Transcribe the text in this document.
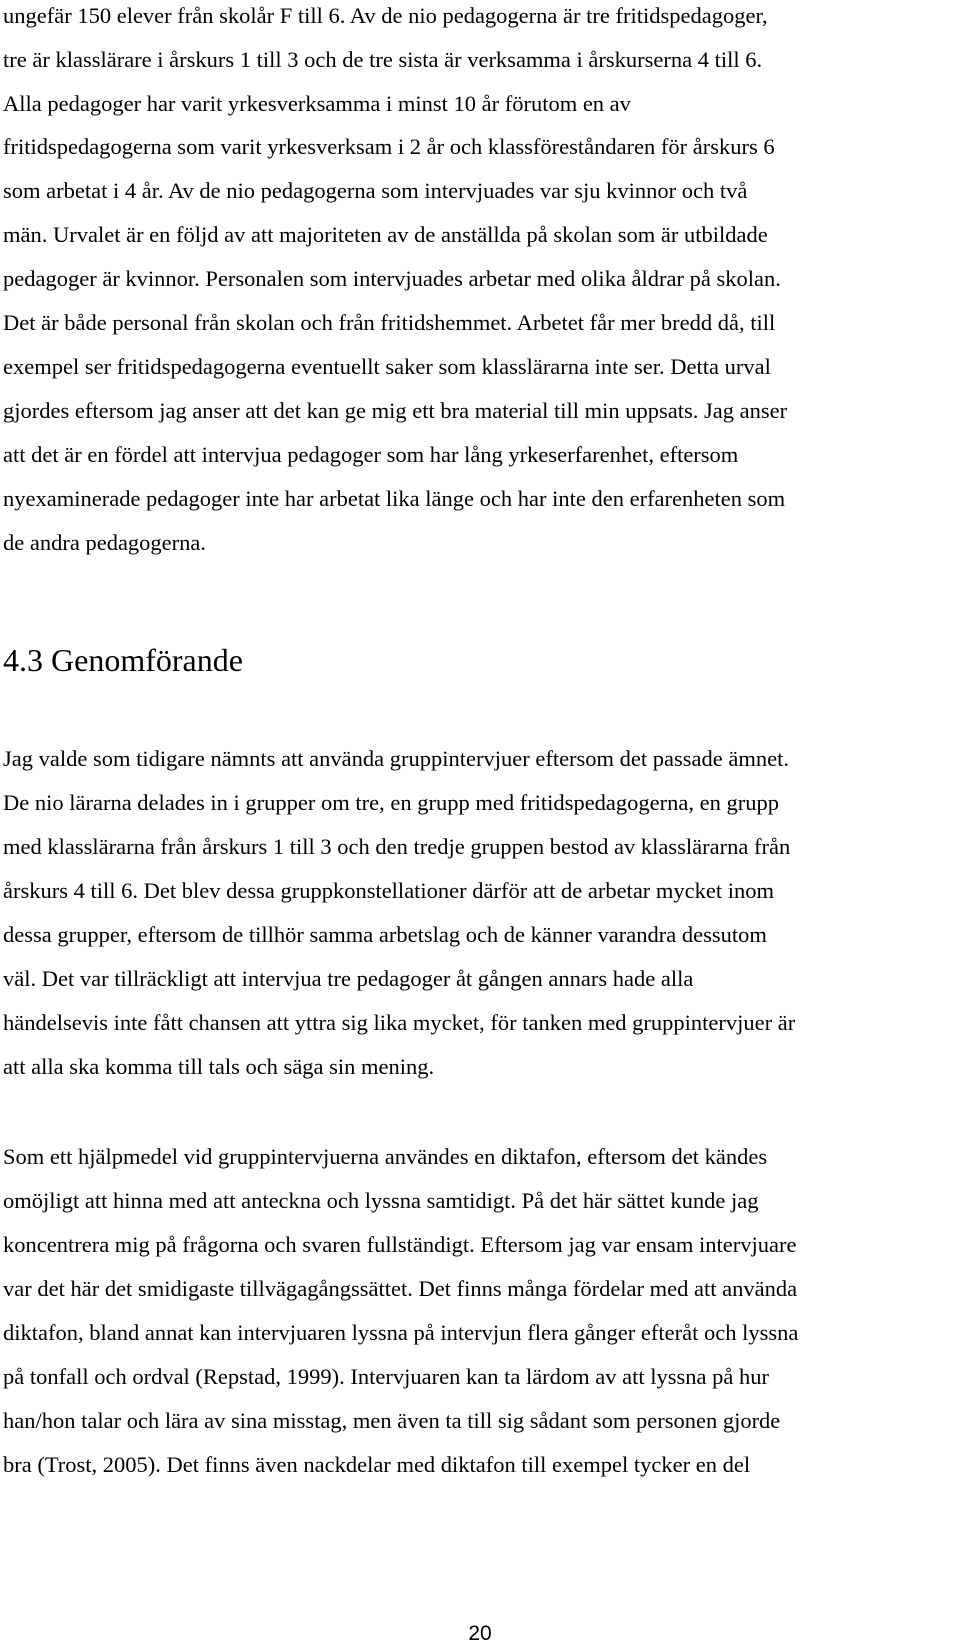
ungefär 150 elever från skolår F till 6. Av de nio pedagogerna är tre fritidspedagoger,
tre är klasslärare i årskurs 1 till 3 och de tre sista är verksamma i årskurserna 4 till 6.
Alla pedagoger har varit yrkesverksamma i minst 10 år förutom en av
fritidspedagogerna som varit yrkesverksam i 2 år och klassföreståndaren för årskurs 6
som arbetat i 4 år. Av de nio pedagogerna som intervjuades var sju kvinnor och två
män. Urvalet är en följd av att majoriteten av de anställda på skolan som är utbildade
pedagoger är kvinnor. Personalen som intervjuades arbetar med olika åldrar på skolan.
Det är både personal från skolan och från fritidshemmet. Arbetet får mer bredd då, till
exempel ser fritidspedagogerna eventuellt saker som klasslärarna inte ser. Detta urval
gjordes eftersom jag anser att det kan ge mig ett bra material till min uppsats. Jag anser
att det är en fördel att intervjua pedagoger som har lång yrkeserfarenhet, eftersom
nyexaminerade pedagoger inte har arbetat lika länge och har inte den erfarenheten som
de andra pedagogerna.
4.3 Genomförande
Jag valde som tidigare nämnts att använda gruppintervjuer eftersom det passade ämnet.
De nio lärarna delades in i grupper om tre, en grupp med fritidspedagogerna, en grupp
med klasslärarna från årskurs 1 till 3 och den tredje gruppen bestod av klasslärarna från
årskurs 4 till 6. Det blev dessa gruppkonstellationer därför att de arbetar mycket inom
dessa grupper, eftersom de tillhör samma arbetslag och de känner varandra dessutom
väl. Det var tillräckligt att intervjua tre pedagoger åt gången annars hade alla
händelsevis inte fått chansen att yttra sig lika mycket, för tanken med gruppintervjuer är
att alla ska komma till tals och säga sin mening.
Som ett hjälpmedel vid gruppintervjuerna användes en diktafon, eftersom det kändes
omöjligt att hinna med att anteckna och lyssna samtidigt. På det här sättet kunde jag
koncentrera mig på frågorna och svaren fullständigt. Eftersom jag var ensam intervjuare
var det här det smidigaste tillvägagångssättet. Det finns många fördelar med att använda
diktafon, bland annat kan intervjuaren lyssna på intervjun flera gånger efteråt och lyssna
på tonfall och ordval (Repstad, 1999). Intervjuaren kan ta lärdom av att lyssna på hur
han/hon talar och lära av sina misstag, men även ta till sig sådant som personen gjorde
bra (Trost, 2005). Det finns även nackdelar med diktafon till exempel tycker en del
20
